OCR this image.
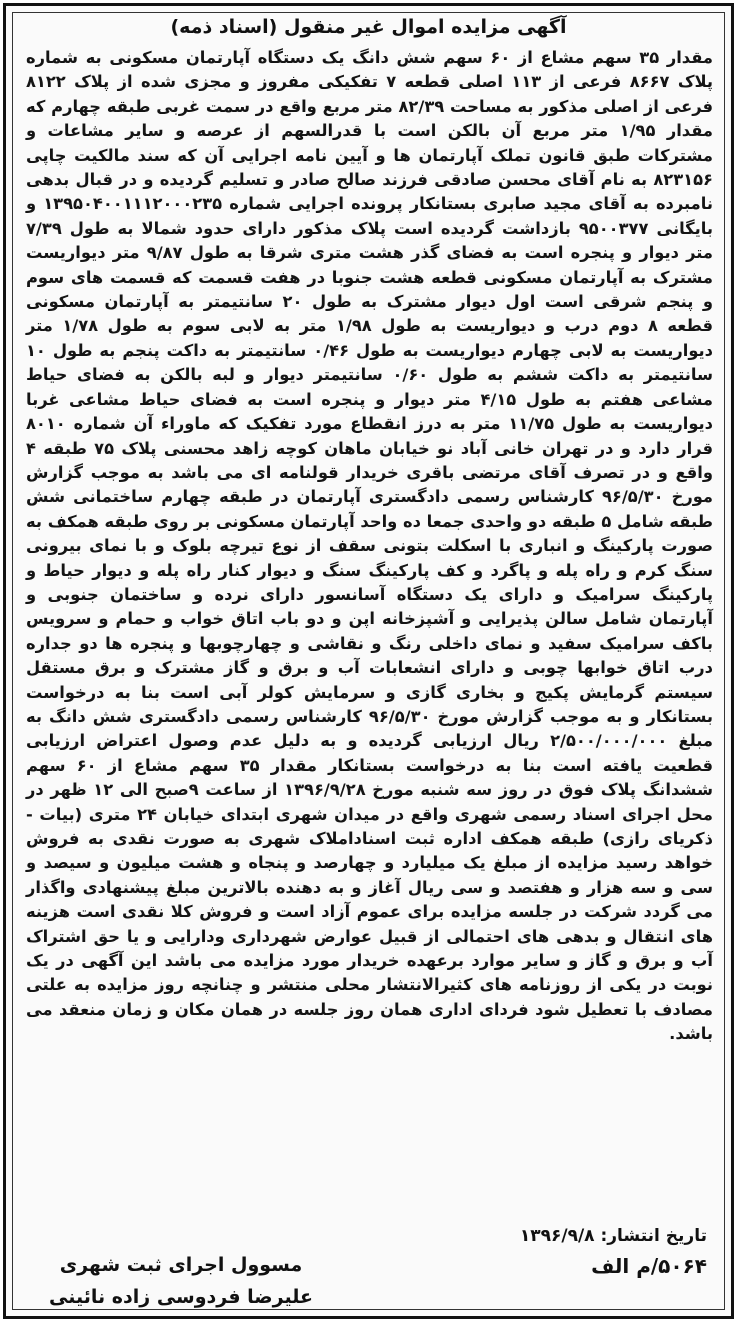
آگهی مزایده اموال غیر منقول (اسناد ذمه)
مقدار ۳۵ سهم مشاع از ۶۰ سهم شش دانگ یک دستگاه آپارتمان مسکونی به شماره پلاک ۸۶۶۷ فرعی از ۱۱۳ اصلی قطعه ۷ تفکیکی مفروز و مجزی شده از پلاک ۸۱۲۲ فرعی از اصلی مذکور به مساحت ۸۲/۳۹ متر مربع واقع در سمت غربی طبقه چهارم که مقدار ۱/۹۵ متر مربع آن بالکن است با قدرالسهم از عرصه و سایر مشاعات و مشترکات طبق قانون تملک آپارتمان ها و آیین نامه اجرایی آن که سند مالکیت چاپی ۸۲۳۱۵۶ به نام آقای محسن صادقی فرزند صالح صادر و تسلیم گردیده و در قبال بدهی نامبرده به آقای مجید صابری بستانکار پرونده اجرایی شماره ۱۳۹۵۰۴۰۰۱۱۱۲۰۰۰۲۳۵ و بایگانی ۹۵۰۰۳۷۷ بازداشت گردیده است پلاک مذکور دارای حدود شمالا به طول ۷/۳۹ متر دیوار و پنجره است به فضای گذر هشت متری شرقا به طول ۹/۸۷ متر دیواریست مشترک به آپارتمان مسکونی قطعه هشت جنوبا در هفت قسمت که قسمت های سوم و پنجم شرقی است اول دیوار مشترک به طول ۲۰ سانتیمتر به آپارتمان مسکونی قطعه ۸ دوم درب و دیواریست به طول ۱/۹۸ متر به لابی سوم به طول ۱/۷۸ متر دیواریست به لابی چهارم دیواریست به طول ۰/۴۶ سانتیمتر به داکت پنجم به طول ۱۰ سانتیمتر به داکت ششم به طول ۰/۶۰ سانتیمتر دیوار و لبه بالکن به فضای حیاط مشاعی هفتم به طول ۴/۱۵ متر دیوار و پنجره است به فضای حیاط مشاعی غربا دیواریست به طول ۱۱/۷۵ متر به درز انقطاع مورد تفکیک که ماوراء آن شماره ۸۰۱۰ قرار دارد و در تهران خانی آباد نو خیابان ماهان کوچه زاهد محسنی پلاک ۷۵ طبقه ۴ واقع و در تصرف آقای مرتضی باقری خریدار قولنامه ای می باشد به موجب گزارش مورخ ۹۶/۵/۳۰ کارشناس رسمی دادگستری آپارتمان در طبقه چهارم ساختمانی شش طبقه شامل ۵ طبقه دو واحدی جمعا ده واحد آپارتمان مسکونی بر روی طبقه همکف به صورت پارکینگ و انباری با اسکلت بتونی سقف از نوع تیرچه بلوک و با نمای بیرونی سنگ کرم و راه پله و پاگرد و کف پارکینگ سنگ و دیوار کنار راه پله و دیوار حیاط و پارکینگ سرامیک و دارای یک دستگاه آسانسور دارای نرده و ساختمان جنوبی و آپارتمان شامل سالن پذیرایی و آشپزخانه اپن و دو باب اتاق خواب و حمام و سرویس باکف سرامیک سفید و نمای داخلی رنگ و نقاشی و چهارچوبها و پنجره ها دو جداره درب اتاق خوابها چوبی و دارای انشعابات آب و برق و گاز مشترک و برق مستقل سیستم گرمایش پکیج و بخاری گازی و سرمایش کولر آبی است بنا به درخواست بستانکار و به موجب گزارش مورخ ۹۶/۵/۳۰ کارشناس رسمی دادگستری شش دانگ به مبلغ ۲/۵۰۰/۰۰۰/۰۰۰ ریال ارزیابی گردیده و به دلیل عدم وصول اعتراض ارزیابی قطعیت یافته است بنا به درخواست بستانکار مقدار ۳۵ سهم مشاع از ۶۰ سهم ششدانگ پلاک فوق در روز سه شنبه مورخ ۱۳۹۶/۹/۲۸ از ساعت ۹صبح الی ۱۲ ظهر در محل اجرای اسناد رسمی شهری واقع در میدان شهری ابتدای خیابان ۲۴ متری (بیات - ذکریای رازی) طبقه همکف اداره ثبت اسناداملاک شهری به صورت نقدی به فروش خواهد رسید مزایده از مبلغ یک میلیارد و چهارصد و پنجاه و هشت میلیون و سیصد و سی و سه هزار و هفتصد و سی ریال آغاز و به دهنده بالاترین مبلغ پیشنهادی واگذار می گردد شرکت در جلسه مزایده برای عموم آزاد است و فروش کلا نقدی است هزینه های انتقال و بدهی های احتمالی از قبیل عوارض شهرداری ودارایی و یا حق اشتراک آب و برق و گاز و سایر موارد برعهده خریدار مورد مزایده می باشد این آگهی در یک نوبت در یکی از روزنامه های کثیرالانتشار محلی منتشر و چنانچه روز مزایده به علتی مصادف با تعطیل شود فردای اداری همان روز جلسه در همان مکان و زمان منعقد می باشد.
تاریخ انتشار: ۱۳۹۶/۹/۸
۵۰۶۴/م الف
مسوول اجرای ثبت شهری
علیرضا فردوسی زاده نائینی
